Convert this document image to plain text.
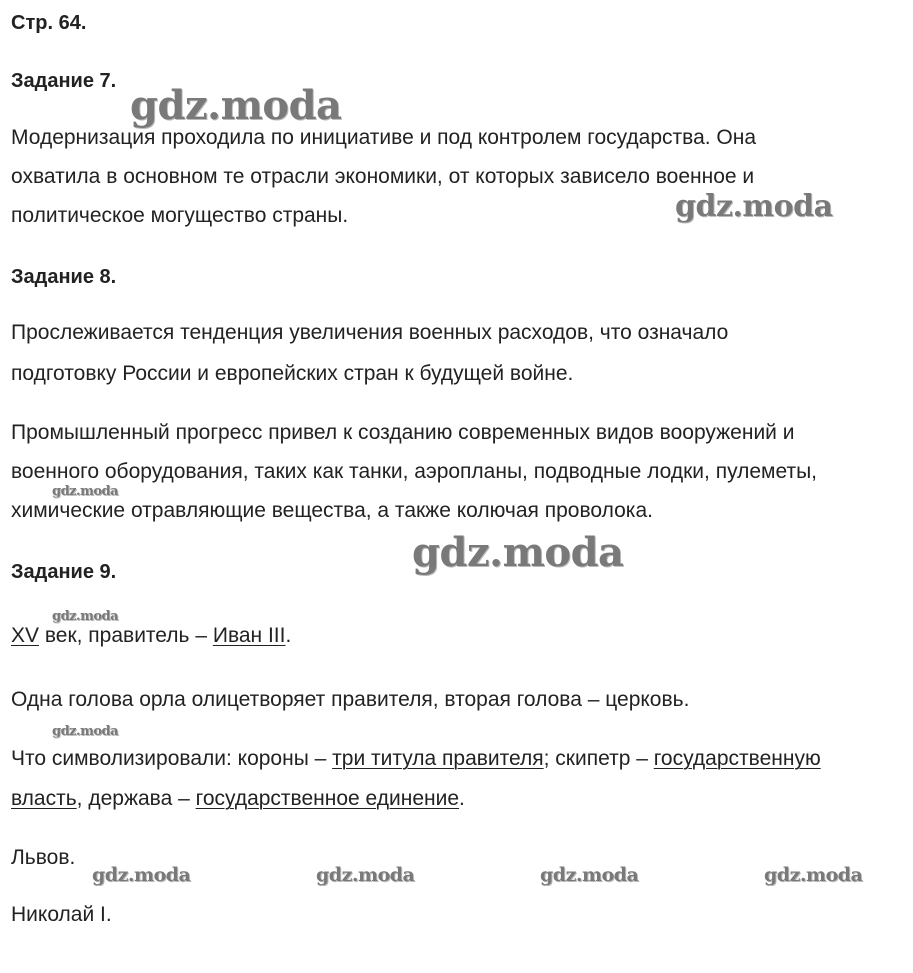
Стр. 64.
Задание 7.
Модернизация проходила по инициативе и под контролем государства. Она
охватила в основном те отрасли экономики, от которых зависело военное и
политическое могущество страны.
Задание 8.
Прослеживается тенденция увеличения военных расходов, что означало
подготовку России и европейских стран к будущей войне.
Промышленный прогресс привел к созданию современных видов вооружений и
военного оборудования, таких как танки, аэропланы, подводные лодки, пулеметы,
химические отравляющие вещества, а также колючая проволока.
Задание 9.
XV век, правитель – Иван III.
Одна голова орла олицетворяет правителя, вторая голова – церковь.
Что символизировали: короны – три титула правителя; скипетр – государственную
власть, держава – государственное единение.
Львов.
Николай I.
gdz.moda
gdz.moda
gdz.moda
gdz.moda
gdz.moda
gdz.moda
gdz.moda	gdz.moda	gdz.moda	gdz.moda
